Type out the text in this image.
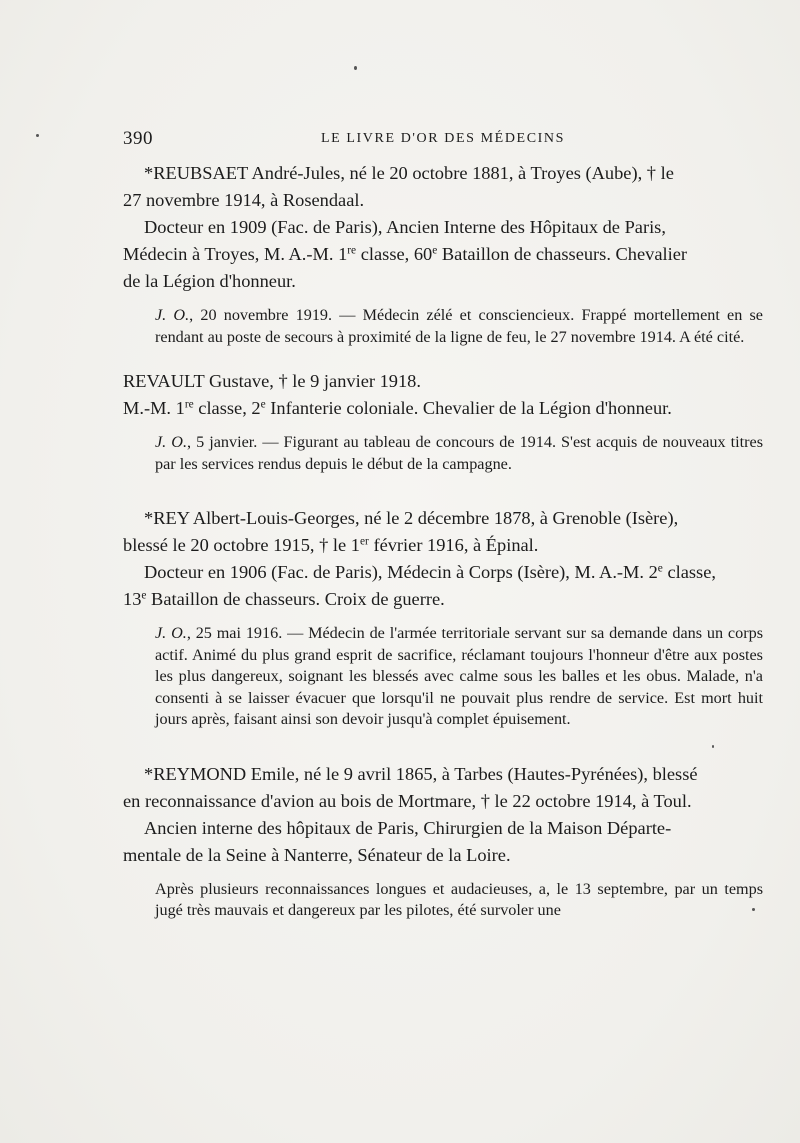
390	LE LIVRE D'OR DES MÉDECINS

*REUBSAET André-Jules, né le 20 octobre 1881, à Troyes (Aube), † le

27 novembre 1914, à Rosendaal.

Docteur en 1909 (Fac. de Paris), Ancien Interne des Hôpitaux de Paris,

Médecin à Troyes, M. A.-M. 1re classe, 60e Bataillon de chasseurs. Chevalier

de la Légion d'honneur.

J. O., 20 novembre 1919. — Médecin zélé et consciencieux. Frappé mortellement en se rendant au poste de secours à proximité de la ligne de feu, le 27 novembre 1914. A été cité.

REVAULT Gustave, † le 9 janvier 1918.

M.-M. 1re classe, 2e Infanterie coloniale. Chevalier de la Légion d'honneur.

J. O., 5 janvier. — Figurant au tableau de concours de 1914. S'est acquis de nouveaux titres par les services rendus depuis le début de la campagne.

*REY Albert-Louis-Georges, né le 2 décembre 1878, à Grenoble (Isère),

blessé le 20 octobre 1915, † le 1er février 1916, à Épinal.

Docteur en 1906 (Fac. de Paris), Médecin à Corps (Isère), M. A.-M. 2e classe,

13e Bataillon de chasseurs. Croix de guerre.

J. O., 25 mai 1916. — Médecin de l'armée territoriale servant sur sa demande dans un corps actif. Animé du plus grand esprit de sacrifice, réclamant toujours l'honneur d'être aux postes les plus dangereux, soignant les blessés avec calme sous les balles et les obus. Malade, n'a consenti à se laisser évacuer que lorsqu'il ne pouvait plus rendre de service. Est mort huit jours après, faisant ainsi son devoir jusqu'à complet épuisement.

*REYMOND Emile, né le 9 avril 1865, à Tarbes (Hautes-Pyrénées), blessé

en reconnaissance d'avion au bois de Mortmare, † le 22 octobre 1914, à Toul.

Ancien interne des hôpitaux de Paris, Chirurgien de la Maison Départe-

mentale de la Seine à Nanterre, Sénateur de la Loire.

Après plusieurs reconnaissances longues et audacieuses, a, le 13 septembre, par un temps jugé très mauvais et dangereux par les pilotes, été survoler une
